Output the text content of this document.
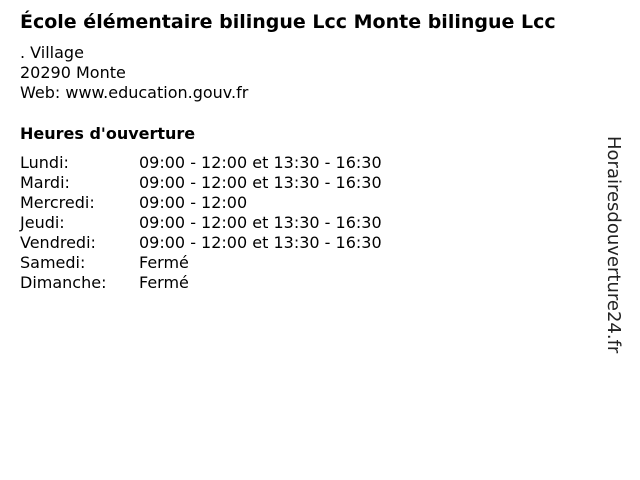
École élémentaire bilingue Lcc Monte bilingue Lcc
. Village
20290 Monte
Web: www.education.gouv.fr
Heures d'ouverture
Lundi:	09:00 - 12:00 et 13:30 - 16:30
Mardi:	09:00 - 12:00 et 13:30 - 16:30
Mercredi:	09:00 - 12:00
Jeudi:	09:00 - 12:00 et 13:30 - 16:30
Vendredi:	09:00 - 12:00 et 13:30 - 16:30
Samedi:	Fermé
Dimanche:	Fermé	Horairesdouverture24.fr
